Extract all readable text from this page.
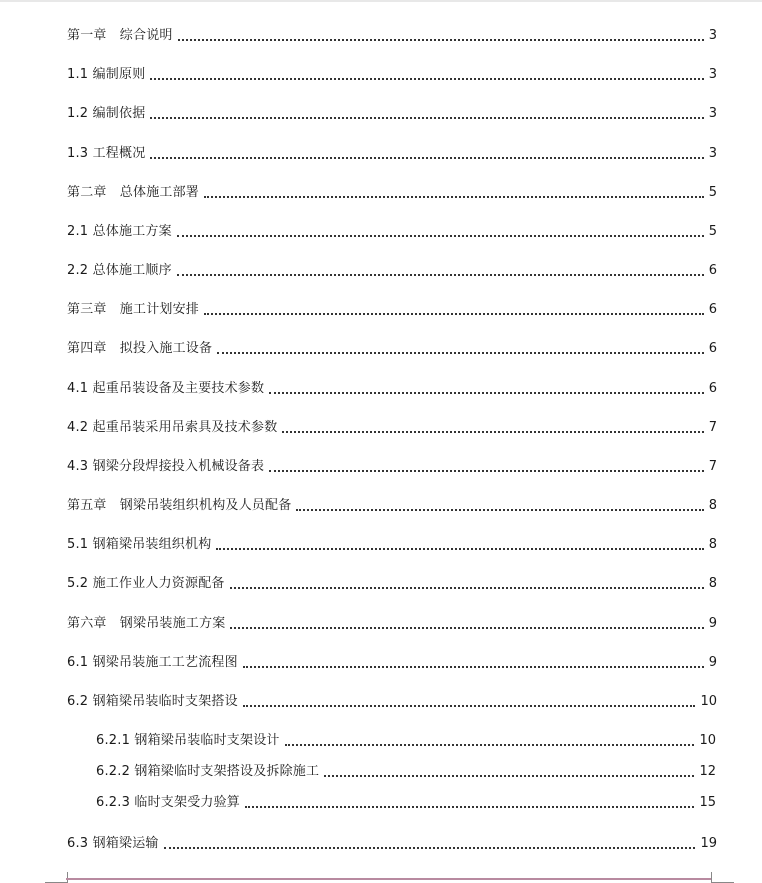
第一章　综合说明	3
1.1 编制原则	3
1.2 编制依据	3
1.3 工程概况	3
第二章　总体施工部署	5
2.1 总体施工方案	5
2.2 总体施工顺序	6
第三章　施工计划安排	6
第四章　拟投入施工设备	6
4.1 起重吊装设备及主要技术参数	6
4.2 起重吊装采用吊索具及技术参数	7
4.3 钢梁分段焊接投入机械设备表	7
第五章　钢梁吊装组织机构及人员配备	8
5.1 钢箱梁吊装组织机构	8
5.2 施工作业人力资源配备	8
第六章　钢梁吊装施工方案	9
6.1 钢梁吊装施工工艺流程图	9
6.2 钢箱梁吊装临时支架搭设	10
6.2.1 钢箱梁吊装临时支架设计	10
6.2.2 钢箱梁临时支架搭设及拆除施工	12
6.2.3 临时支架受力验算	15
6.3 钢箱梁运输	19
